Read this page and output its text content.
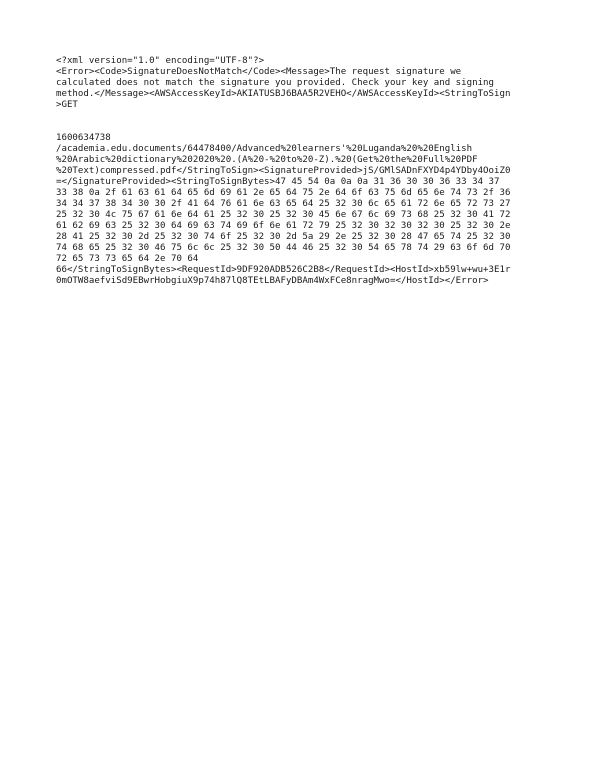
<?xml version="1.0" encoding="UTF-8"?>
<Error><Code>SignatureDoesNotMatch</Code><Message>The request signature we
calculated does not match the signature you provided. Check your key and signing
method.</Message><AWSAccessKeyId>AKIATUSBJ6BAA5R2VEHO</AWSAccessKeyId><StringToSign
>GET
1600634738
/academia.edu.documents/64478400/Advanced%20learners'%20Luganda%20%20English
%20Arabic%20dictionary%202020%20.(A%20-%20to%20-Z).%20(Get%20the%20Full%20PDF
%20Text)compressed.pdf</StringToSign><SignatureProvided>jS/GMlSADnFXYD4p4YDby4OoiZ0
=</SignatureProvided><StringToSignBytes>47 45 54 0a 0a 0a 31 36 30 30 36 33 34 37
33 38 0a 2f 61 63 61 64 65 6d 69 61 2e 65 64 75 2e 64 6f 63 75 6d 65 6e 74 73 2f 36
34 34 37 38 34 30 30 2f 41 64 76 61 6e 63 65 64 25 32 30 6c 65 61 72 6e 65 72 73 27
25 32 30 4c 75 67 61 6e 64 61 25 32 30 25 32 30 45 6e 67 6c 69 73 68 25 32 30 41 72
61 62 69 63 25 32 30 64 69 63 74 69 6f 6e 61 72 79 25 32 30 32 30 32 30 25 32 30 2e
28 41 25 32 30 2d 25 32 30 74 6f 25 32 30 2d 5a 29 2e 25 32 30 28 47 65 74 25 32 30
74 68 65 25 32 30 46 75 6c 6c 25 32 30 50 44 46 25 32 30 54 65 78 74 29 63 6f 6d 70
72 65 73 73 65 64 2e 70 64
66</StringToSignBytes><RequestId>9DF920ADB526C2B8</RequestId><HostId>xb59lw+wu+3E1r
0mOTW8aefviSd9EBwrHobgiuX9p74h87lQ8TEtLBAFyDBAm4WxFCe8nragMwo=</HostId></Error>
